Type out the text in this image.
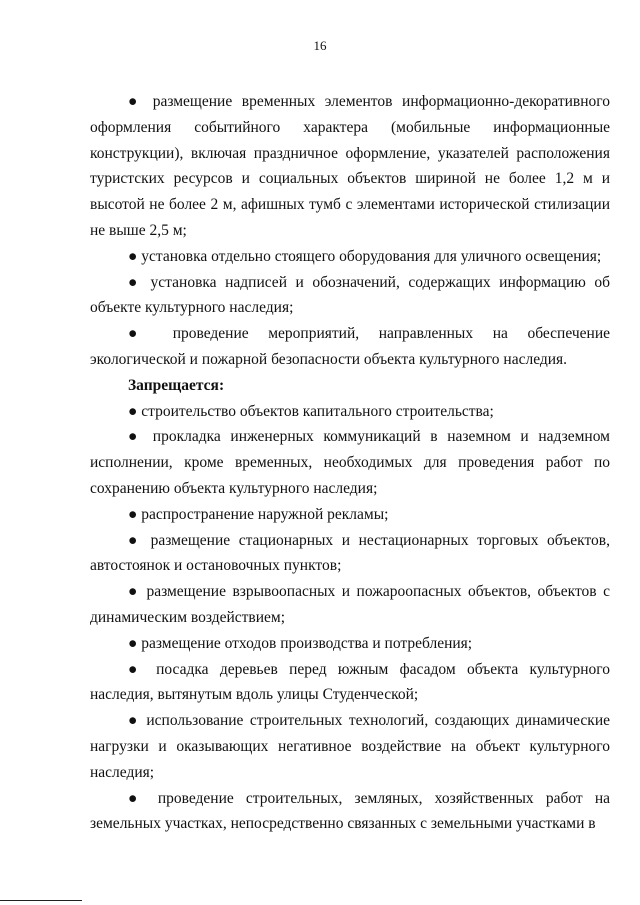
16

● размещение временных элементов информационно-декоративного оформления событийного характера (мобильные информационные конструкции), включая праздничное оформление, указателей расположения туристских ресурсов и социальных объектов шириной не более 1,2 м и высотой не более 2 м, афишных тумб с элементами исторической стилизации не выше 2,5 м;

● установка отдельно стоящего оборудования для уличного освещения;

● установка надписей и обозначений, содержащих информацию об объекте культурного наследия;

● проведение мероприятий, направленных на обеспечение экологической и пожарной безопасности объекта культурного наследия.

Запрещается:

● строительство объектов капитального строительства;

● прокладка инженерных коммуникаций в наземном и надземном исполнении, кроме временных, необходимых для проведения работ по сохранению объекта культурного наследия;

● распространение наружной рекламы;

● размещение стационарных и нестационарных торговых объектов, автостоянок и остановочных пунктов;

● размещение взрывоопасных и пожароопасных объектов, объектов с динамическим воздействием;

● размещение отходов производства и потребления;

● посадка деревьев перед южным фасадом объекта культурного наследия, вытянутым вдоль улицы Студенческой;

● использование строительных технологий, создающих динамические нагрузки и оказывающих негативное воздействие на объект культурного наследия;

● проведение строительных, земляных, хозяйственных работ на земельных участках, непосредственно связанных с земельными участками в
